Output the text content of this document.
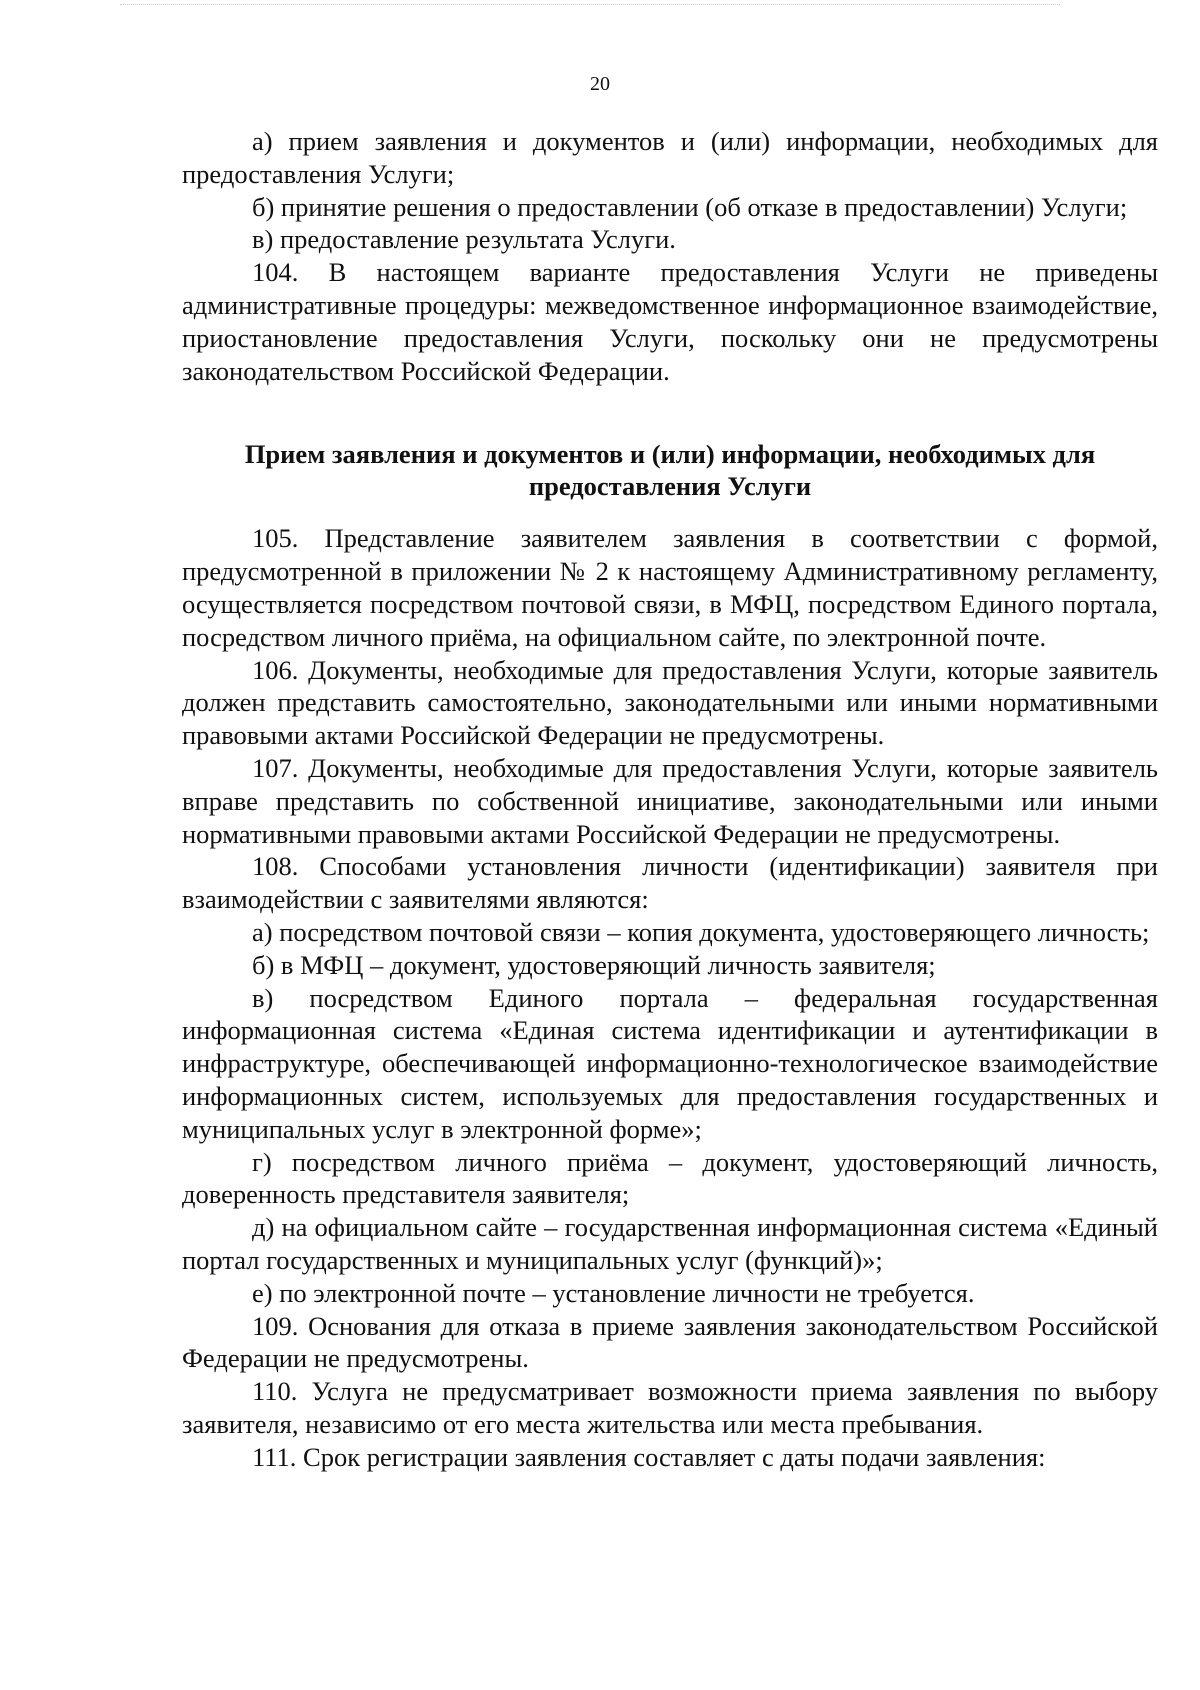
20

а) прием заявления и документов и (или) информации, необходимых для предоставления Услуги;

б) принятие решения о предоставлении (об отказе в предоставлении) Услуги;

в) предоставление результата Услуги.

104. В настоящем варианте предоставления Услуги не приведены административные процедуры: межведомственное информационное взаимодействие, приостановление предоставления Услуги, поскольку они не предусмотрены законодательством Российской Федерации.

Прием заявления и документов и (или) информации, необходимых для
предоставления Услуги

105. Представление заявителем заявления в соответствии с формой, предусмотренной в приложении № 2 к настоящему Административному регламенту, осуществляется посредством почтовой связи, в МФЦ, посредством Единого портала, посредством личного приёма, на официальном сайте, по электронной почте.

106. Документы, необходимые для предоставления Услуги, которые заявитель должен представить самостоятельно, законодательными или иными нормативными правовыми актами Российской Федерации не предусмотрены.

107. Документы, необходимые для предоставления Услуги, которые заявитель вправе представить по собственной инициативе, законодательными или иными нормативными правовыми актами Российской Федерации не предусмотрены.

108. Способами установления личности (идентификации) заявителя при взаимодействии с заявителями являются:

а) посредством почтовой связи – копия документа, удостоверяющего личность;

б) в МФЦ – документ, удостоверяющий личность заявителя;

в) посредством Единого портала – федеральная государственная информационная система «Единая система идентификации и аутентификации в инфраструктуре, обеспечивающей информационно-технологическое взаимодействие информационных систем, используемых для предоставления государственных и муниципальных услуг в электронной форме»;

г) посредством личного приёма – документ, удостоверяющий личность, доверенность представителя заявителя;

д) на официальном сайте – государственная информационная система «Единый портал государственных и муниципальных услуг (функций)»;

е) по электронной почте – установление личности не требуется.

109. Основания для отказа в приеме заявления законодательством Российской Федерации не предусмотрены.

110. Услуга не предусматривает возможности приема заявления по выбору заявителя, независимо от его места жительства или места пребывания.

111. Срок регистрации заявления составляет с даты подачи заявления:
